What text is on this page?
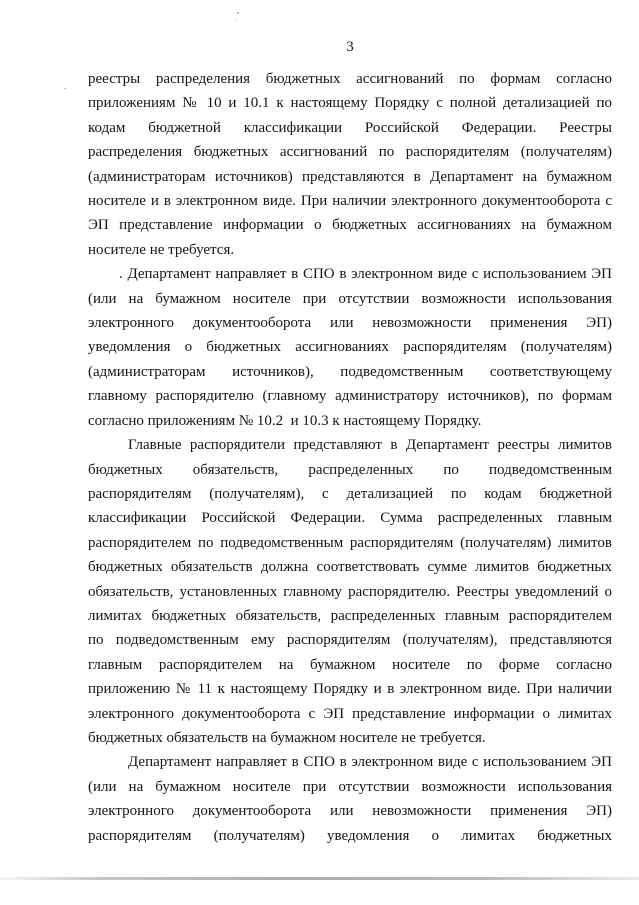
3
реестры распределения бюджетных ассигнований по формам согласно
приложениям № 10 и 10.1 к настоящему Порядку с полной детализацией по
кодам бюджетной классификации Российской Федерации. Реестры
распределения бюджетных ассигнований по распорядителям (получателям)
(администраторам источников) представляются в Департамент на бумажном
носителе и в электронном виде. При наличии электронного документооборота с
ЭП представление информации о бюджетных ассигнованиях на бумажном
носителе не требуется.
. Департамент направляет в СПО в электронном виде с использованием ЭП
(или на бумажном носителе при отсутствии возможности использования
электронного документооборота или невозможности применения ЭП)
уведомления о бюджетных ассигнованиях распорядителям (получателям)
(администраторам источников), подведомственным соответствующему
главному распорядителю (главному администратору источников), по формам
согласно приложениям № 10.2  и 10.3 к настоящему Порядку.
Главные распорядители представляют в Департамент реестры лимитов
бюджетных обязательств, распределенных по подведомственным
распорядителям (получателям), с детализацией по кодам бюджетной
классификации Российской Федерации. Сумма распределенных главным
распорядителем по подведомственным распорядителям (получателям) лимитов
бюджетных обязательств должна соответствовать сумме лимитов бюджетных
обязательств, установленных главному распорядителю. Реестры уведомлений о
лимитах бюджетных обязательств, распределенных главным распорядителем
по подведомственным ему распорядителям (получателям), представляются
главным распорядителем на бумажном носителе по форме согласно
приложению № 11 к настоящему Порядку и в электронном виде. При наличии
электронного документооборота с ЭП представление информации о лимитах
бюджетных обязательств на бумажном носителе не требуется.
Департамент направляет в СПО в электронном виде с использованием ЭП
(или на бумажном носителе при отсутствии возможности использования
электронного документооборота или невозможности применения ЭП)
распорядителям (получателям) уведомления о лимитах бюджетных
